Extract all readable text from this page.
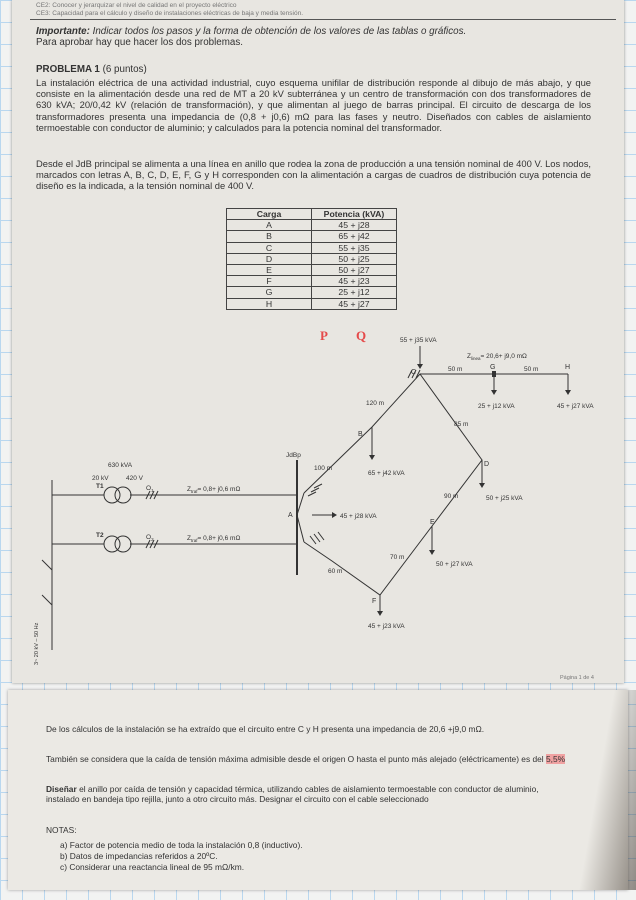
CE2: Conocer y jerarquizar el nivel de calidad en el proyecto eléctrico
CE3: Capacidad para el cálculo y diseño de instalaciones eléctricas de baja y media tensión.
Importante: Indicar todos los pasos y la forma de obtención de los valores de las tablas o gráficos.
Para aprobar hay que hacer los dos problemas.
PROBLEMA 1 (6 puntos)
La instalación eléctrica de una actividad industrial, cuyo esquema unifilar de distribución responde al dibujo de más abajo, y que consiste en la alimentación desde una red de MT a 20 kV subterránea y un centro de transformación con dos transformadores de 630 kVA; 20/0,42 kV (relación de transformación), y que alimentan al juego de barras principal. El circuito de descarga de los transformadores presenta una impedancia de (0,8 + j0,6) mΩ para las fases y neutro. Diseñados con cables de aislamiento termoestable con conductor de aluminio; y calculados para la potencia nominal del transformador.
Desde el JdB principal se alimenta a una línea en anillo que rodea la zona de producción a una tensión nominal de 400 V. Los nodos, marcados con letras A, B, C, D, E, F, G y H corresponden con la alimentación a cargas de cuadros de distribución cuya potencia de diseño es la indicada, a la tensión nominal de 400 V.
Carga	Potencia (kVA)
A	45 + j28
B	65 + j42
C	55 + j35
D	50 + j25
E	50 + j27
F	45 + j23
G	25 + j12
H	45 + j27
P Q	55 + j35 kVA
$Z_{linea}= 20,6+ j9,0$ mΩ
50 m	50 m
C
G	H
25 + j12 kVA	45 + j27 kVA
120 m
85 m
B
D
65 + j42 kVA
100 m
JdBp
630 kVA
20 kV	420 V
T1
T2
$O_1$
$O_2$
$Z_{traf}= 0,8+ j0,6$ mΩ
$Z_{traf}= 0,8+ j0,6$ mΩ
A	45 + j28 kVA
90 m	50 + j25 kVA
E
70 m
50 + j27 kVA
60 m
F
45 + j23 kVA
3~ 20 kV – 50 Hz
Página 1 de 4
De los cálculos de la instalación se ha extraído que el circuito entre C y H presenta una impedancia de 20,6 +j9,0 mΩ.
También se considera que la caída de tensión máxima admisible desde el origen O hasta el punto más alejado (eléctricamente) es del 5,5%
Diseñar el anillo por caída de tensión y capacidad térmica, utilizando cables de aislamiento termoestable con conductor de aluminio, instalado en bandeja tipo rejilla, junto a otro circuito más. Designar el circuito con el cable seleccionado
NOTAS:
a) Factor de potencia medio de toda la instalación 0,8 (inductivo).
b) Datos de impedancias referidos a 20ºC.
c) Considerar una reactancia lineal de 95 mΩ/km.
